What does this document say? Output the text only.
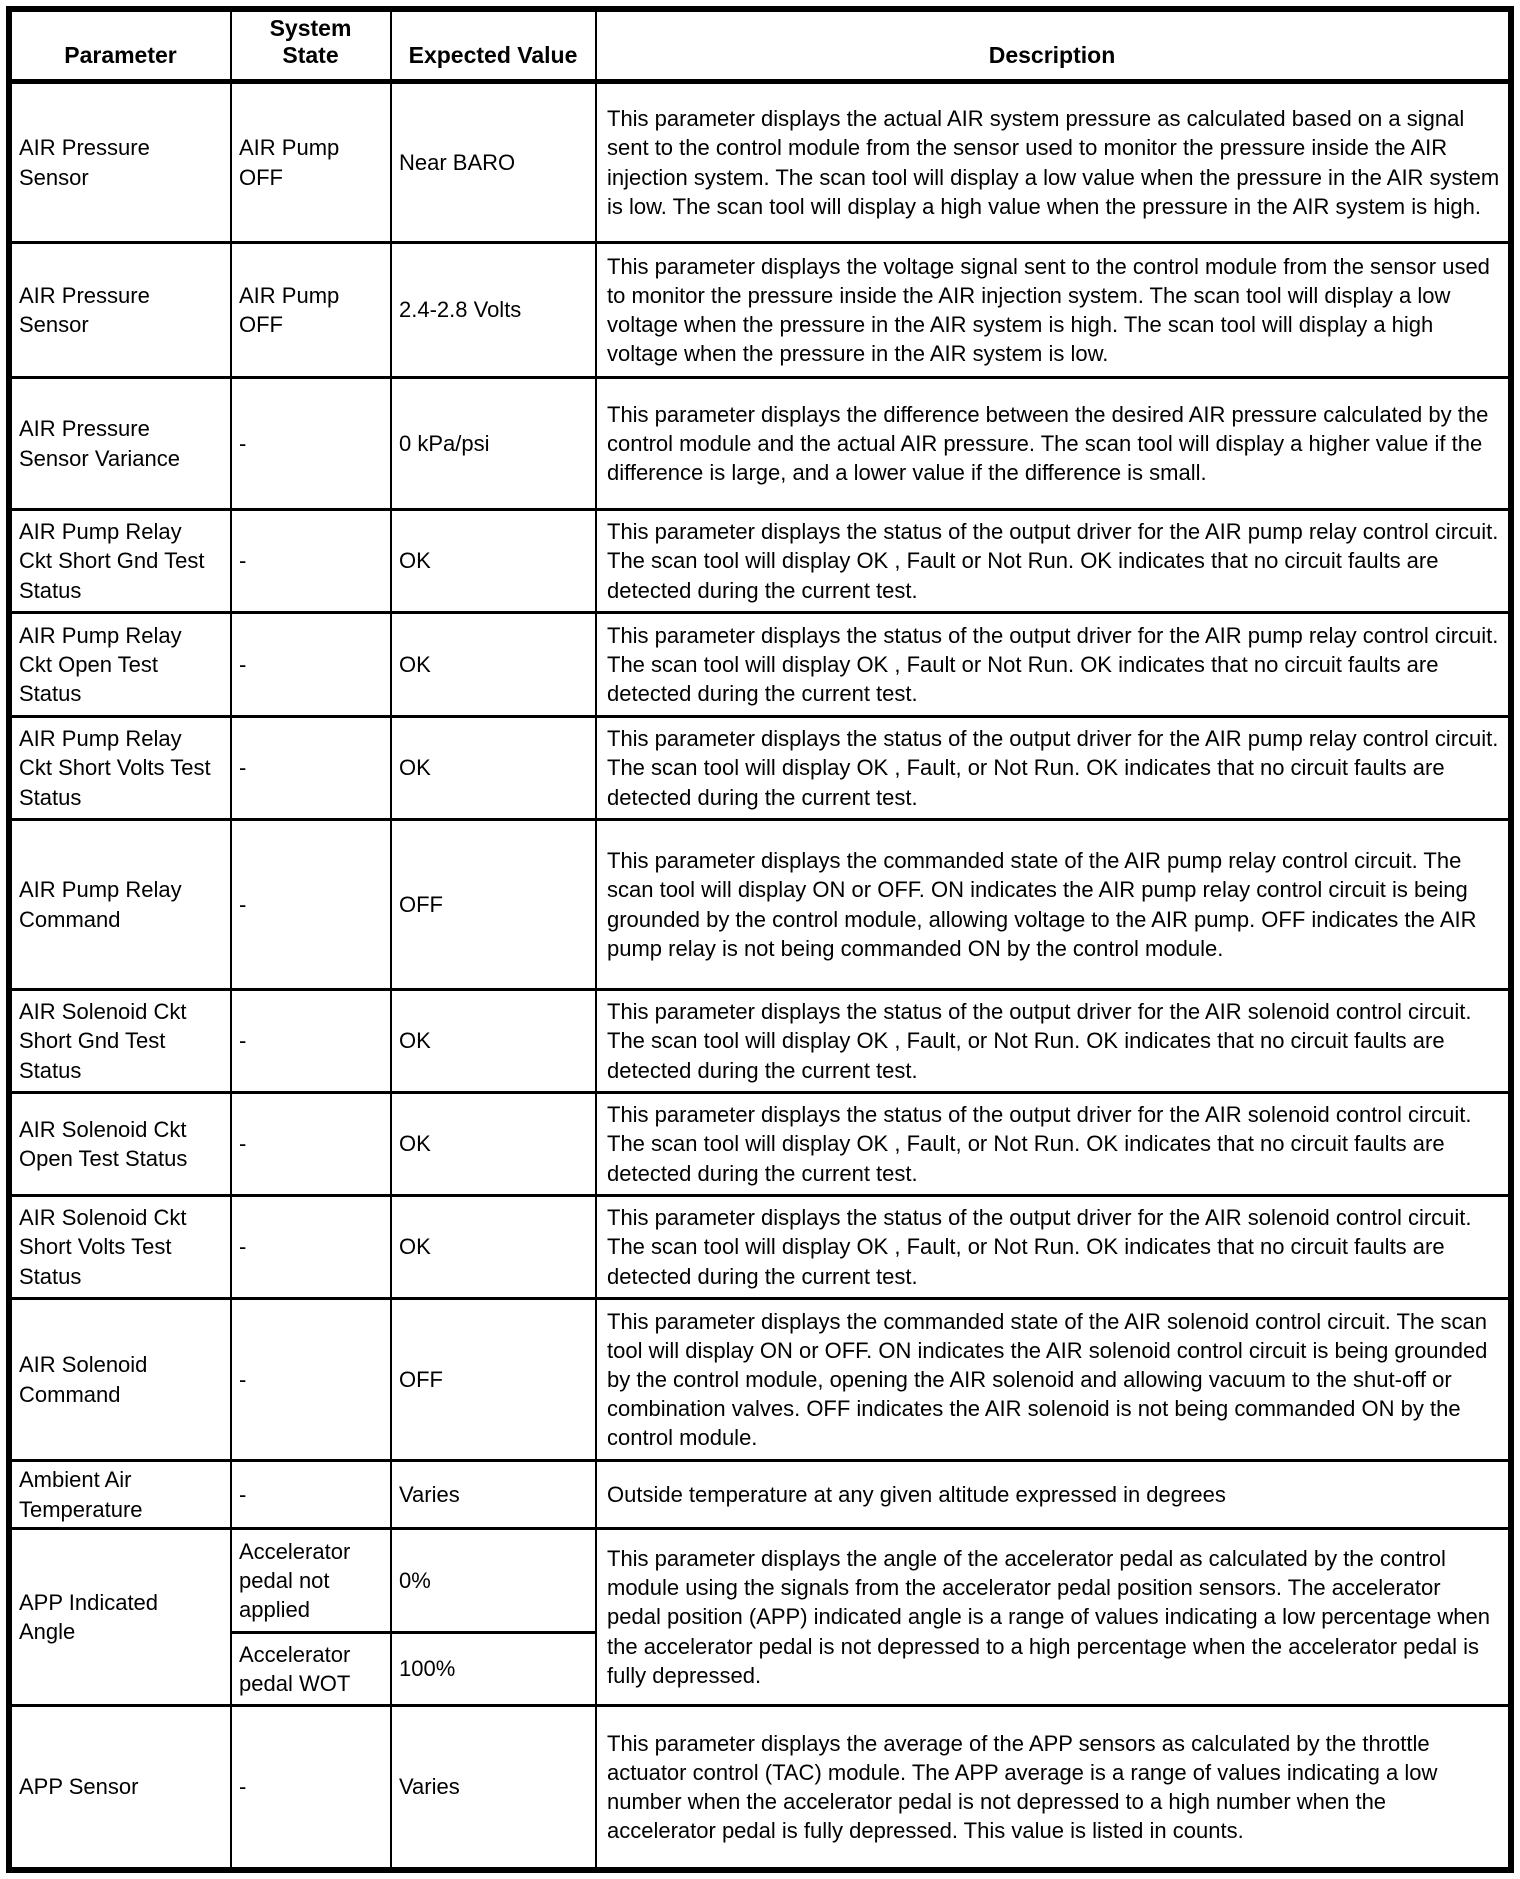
Parameter	System State	Expected Value	Description
AIR Pressure Sensor	AIR Pump OFF	Near BARO	This parameter displays the actual AIR system pressure as calculated based on a signal sent to the control module from the sensor used to monitor the pressure inside the AIR injection system. The scan tool will display a low value when the pressure in the AIR system is low. The scan tool will display a high value when the pressure in the AIR system is high.
AIR Pressure Sensor	AIR Pump OFF	2.4-2.8 Volts	This parameter displays the voltage signal sent to the control module from the sensor used to monitor the pressure inside the AIR injection system. The scan tool will display a low voltage when the pressure in the AIR system is high. The scan tool will display a high voltage when the pressure in the AIR system is low.
AIR Pressure Sensor Variance	-	0 kPa/psi	This parameter displays the difference between the desired AIR pressure calculated by the control module and the actual AIR pressure. The scan tool will display a higher value if the difference is large, and a lower value if the difference is small.
AIR Pump Relay Ckt Short Gnd Test Status	-	OK	This parameter displays the status of the output driver for the AIR pump relay control circuit. The scan tool will display OK , Fault or Not Run. OK indicates that no circuit faults are detected during the current test.
AIR Pump Relay Ckt Open Test Status	-	OK	This parameter displays the status of the output driver for the AIR pump relay control circuit. The scan tool will display OK , Fault or Not Run. OK indicates that no circuit faults are detected during the current test.
AIR Pump Relay Ckt Short Volts Test Status	-	OK	This parameter displays the status of the output driver for the AIR pump relay control circuit. The scan tool will display OK , Fault, or Not Run. OK indicates that no circuit faults are detected during the current test.
AIR Pump Relay Command	-	OFF	This parameter displays the commanded state of the AIR pump relay control circuit. The scan tool will display ON or OFF. ON indicates the AIR pump relay control circuit is being grounded by the control module, allowing voltage to the AIR pump. OFF indicates the AIR pump relay is not being commanded ON by the control module.
AIR Solenoid Ckt Short Gnd Test Status	-	OK	This parameter displays the status of the output driver for the AIR solenoid control circuit. The scan tool will display OK , Fault, or Not Run. OK indicates that no circuit faults are detected during the current test.
AIR Solenoid Ckt Open Test Status	-	OK	This parameter displays the status of the output driver for the AIR solenoid control circuit. The scan tool will display OK , Fault, or Not Run. OK indicates that no circuit faults are detected during the current test.
AIR Solenoid Ckt Short Volts Test Status	-	OK	This parameter displays the status of the output driver for the AIR solenoid control circuit. The scan tool will display OK , Fault, or Not Run. OK indicates that no circuit faults are detected during the current test.
AIR Solenoid Command	-	OFF	This parameter displays the commanded state of the AIR solenoid control circuit. The scan tool will display ON or OFF. ON indicates the AIR solenoid control circuit is being grounded by the control module, opening the AIR solenoid and allowing vacuum to the shut-off or combination valves. OFF indicates the AIR solenoid is not being commanded ON by the control module.
Ambient Air Temperature	-	Varies	Outside temperature at any given altitude expressed in degrees
APP Indicated Angle	Accelerator pedal not applied	0%	This parameter displays the angle of the accelerator pedal as calculated by the control module using the signals from the accelerator pedal position sensors. The accelerator pedal position (APP) indicated angle is a range of values indicating a low percentage when the accelerator pedal is not depressed to a high percentage when the accelerator pedal is fully depressed.
	Accelerator pedal WOT	100%	
APP Sensor	-	Varies	This parameter displays the average of the APP sensors as calculated by the throttle actuator control (TAC) module. The APP average is a range of values indicating a low number when the accelerator pedal is not depressed to a high number when the accelerator pedal is fully depressed. This value is listed in counts.
